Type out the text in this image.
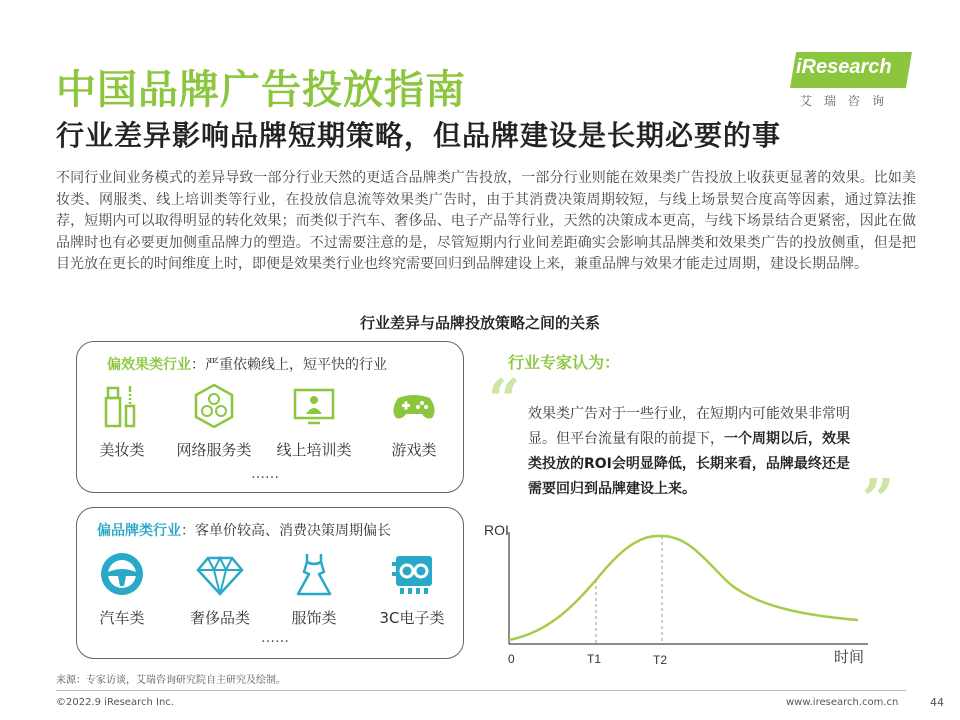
中国品牌广告投放指南
行业差异影响品牌短期策略，但品牌建设是长期必要的事
iResearch
艾瑞咨询
不同行业间业务模式的差异导致一部分行业天然的更适合品牌类广告投放，一部分行业则能在效果类广告投放上收获更显著的效果。比如美妆类、网服类、线上培训类等行业，在投放信息流等效果类广告时，由于其消费决策周期较短，与线上场景契合度高等因素，通过算法推荐，短期内可以取得明显的转化效果；而类似于汽车、奢侈品、电子产品等行业，天然的决策成本更高，与线下场景结合更紧密，因此在做品牌时也有必要更加侧重品牌力的塑造。不过需要注意的是，尽管短期内行业间差距确实会影响其品牌类和效果类广告的投放侧重，但是把目光放在更长的时间维度上时，即便是效果类行业也终究需要回归到品牌建设上来，兼重品牌与效果才能走过周期，建设长期品牌。
行业差异与品牌投放策略之间的关系
偏效果类行业：严重依赖线上，短平快的行业
美妆类	网络服务类	线上培训类	游戏类
……
偏品牌类行业：客单价较高、消费决策周期偏长
汽车类	奢侈品类	服饰类	3C电子类
……
行业专家认为：
“ 效果类广告对于一些行业，在短期内可能效果非常明显。但平台流量有限的前提下，一个周期以后，效果类投放的ROI会明显降低，长期来看，品牌最终还是需要回归到品牌建设上来。	”
ROI
0	T1	T2	时间
来源：专家访谈，艾瑞咨询研究院自主研究及绘制。
©2022.9 iResearch Inc.	www.iresearch.com.cn	44
